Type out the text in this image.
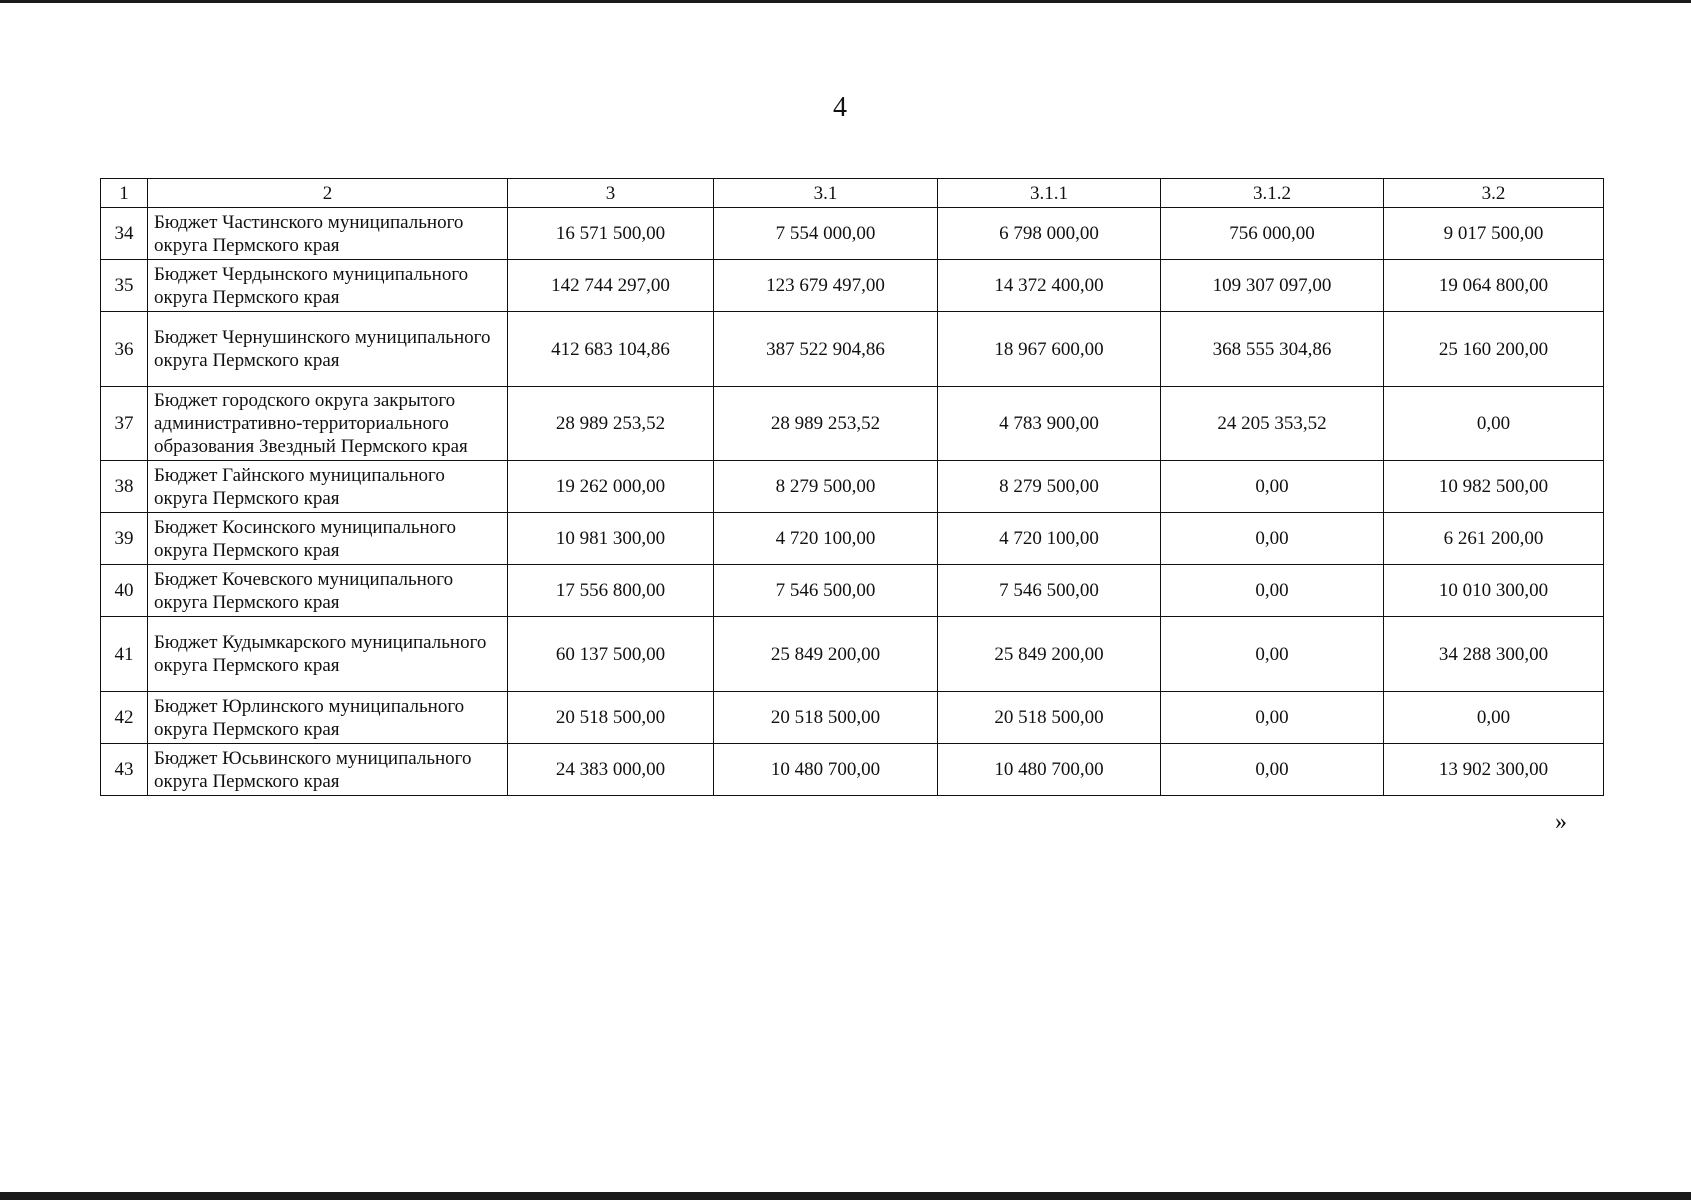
4
1	2	3	3.1	3.1.1	3.1.2	3.2
34	Бюджет Частинского муниципального округа Пермского края	16 571 500,00	7 554 000,00	6 798 000,00	756 000,00	9 017 500,00
35	Бюджет Чердынского муниципального округа Пермского края	142 744 297,00	123 679 497,00	14 372 400,00	109 307 097,00	19 064 800,00
36	Бюджет Чернушинского муниципального округа Пермского края	412 683 104,86	387 522 904,86	18 967 600,00	368 555 304,86	25 160 200,00
37	Бюджет городского округа закрытого административно-территориального образования Звездный Пермского края	28 989 253,52	28 989 253,52	4 783 900,00	24 205 353,52	0,00
38	Бюджет Гайнского муниципального округа Пермского края	19 262 000,00	8 279 500,00	8 279 500,00	0,00	10 982 500,00
39	Бюджет Косинского муниципального округа Пермского края	10 981 300,00	4 720 100,00	4 720 100,00	0,00	6 261 200,00
40	Бюджет Кочевского муниципального округа Пермского края	17 556 800,00	7 546 500,00	7 546 500,00	0,00	10 010 300,00
41	Бюджет Кудымкарского муниципального округа Пермского края	60 137 500,00	25 849 200,00	25 849 200,00	0,00	34 288 300,00
42	Бюджет Юрлинского муниципального округа Пермского края	20 518 500,00	20 518 500,00	20 518 500,00	0,00	0,00
43	Бюджет Юсьвинского муниципального округа Пермского края	24 383 000,00	10 480 700,00	10 480 700,00	0,00	13 902 300,00
»
